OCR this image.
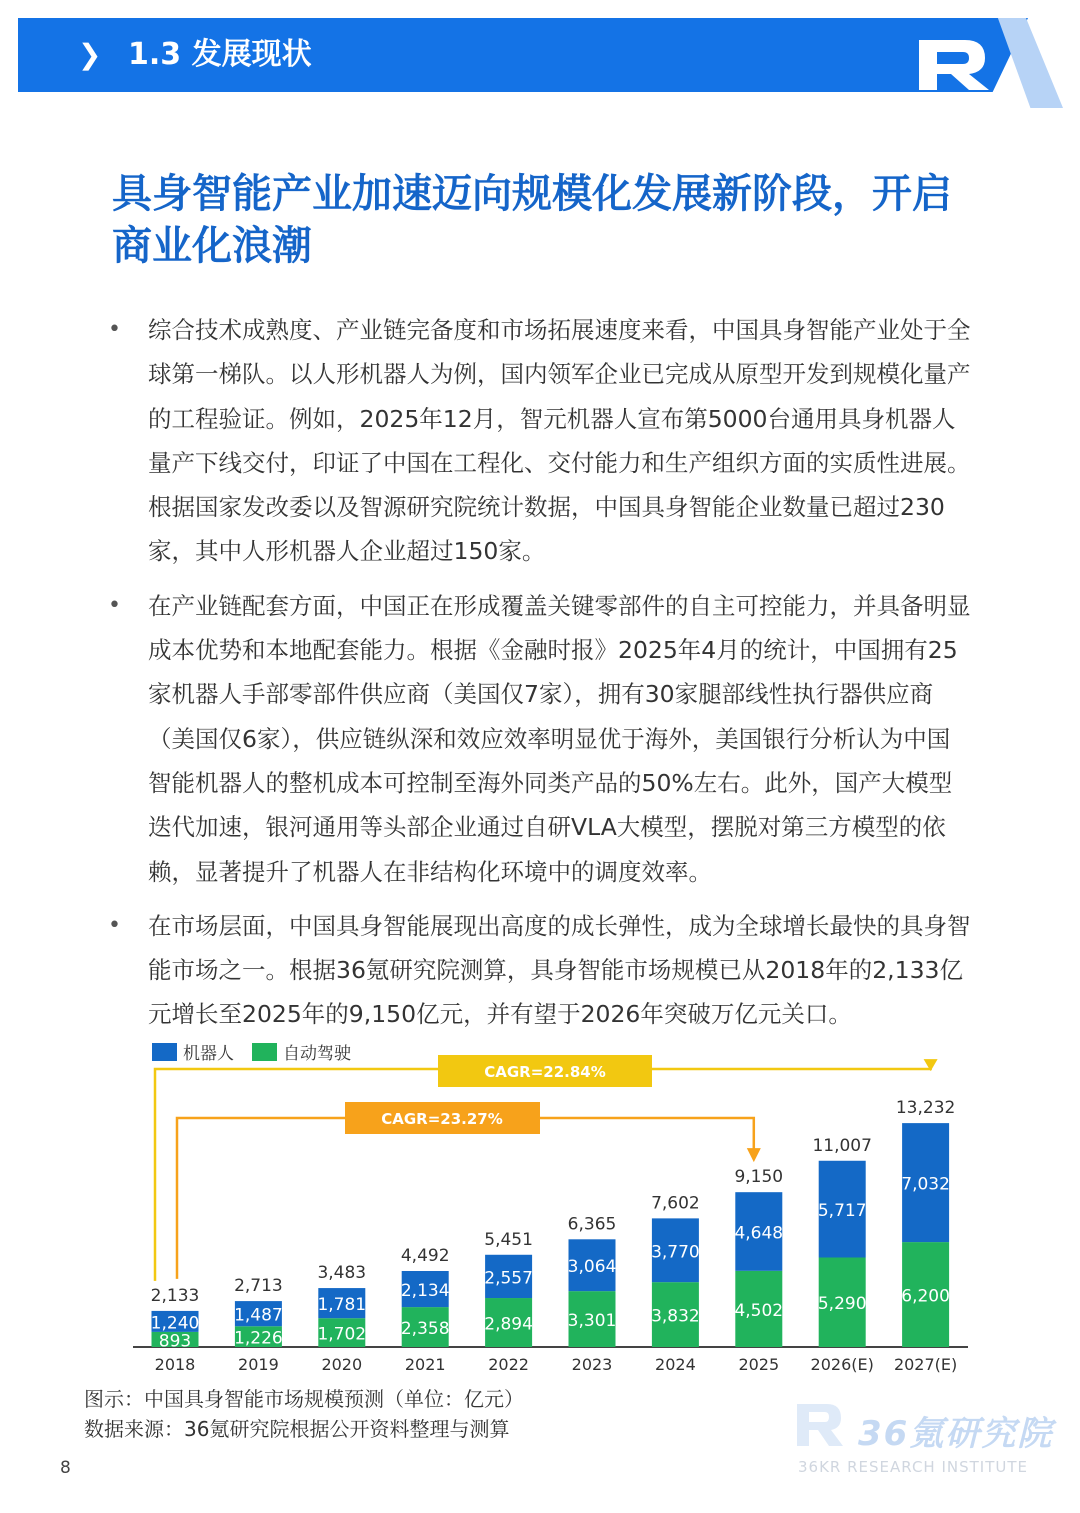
❯ 1.3 发展现状
具身智能产业加速迈向规模化发展新阶段，开启商业化浪潮
• 综合技术成熟度、产业链完备度和市场拓展速度来看，中国具身智能产业处于全球第一梯队。以人形机器人为例，国内领军企业已完成从原型开发到规模化量产的工程验证。例如，2025年12月，智元机器人宣布第5000台通用具身机器人量产下线交付，印证了中国在工程化、交付能力和生产组织方面的实质性进展。根据国家发改委以及智源研究院统计数据，中国具身智能企业数量已超过230家，其中人形机器人企业超过150家。
• 在产业链配套方面，中国正在形成覆盖关键零部件的自主可控能力，并具备明显成本优势和本地配套能力。根据《金融时报》2025年4月的统计，中国拥有25家机器人手部零部件供应商（美国仅7家），拥有30家腿部线性执行器供应商（美国仅6家），供应链纵深和效应效率明显优于海外，美国银行分析认为中国智能机器人的整机成本可控制至海外同类产品的50%左右。此外，国产大模型迭代加速，银河通用等头部企业通过自研VLA大模型，摆脱对第三方模型的依赖，显著提升了机器人在非结构化环境中的调度效率。
• 在市场层面，中国具身智能展现出高度的成长弹性，成为全球增长最快的具身智能市场之一。根据36氪研究院测算，具身智能市场规模已从2018年的2,133亿元增长至2025年的9,150亿元，并有望于2026年突破万亿元关口。
机器人	自动驾驶
893
1,240
2,133
2018
1,226
1,487
2,713
2019
1,702
1,781
3,483
2020
2,358
2,134
4,492
2021
2,894
2,557
5,451
2022
3,301
3,064
6,365
2023
3,832
3,770
7,602
2024
4,502
4,648
9,150
2025
5,290
5,717
11,007
2026(E)
6,200
7,032
13,232
2027(E)
CAGR=22.84%
CAGR=23.27%
图示：中国具身智能市场规模预测（单位：亿元）
数据来源：36氪研究院根据公开资料整理与测算
8
36氪研究院
36KR RESEARCH INSTITUTE
